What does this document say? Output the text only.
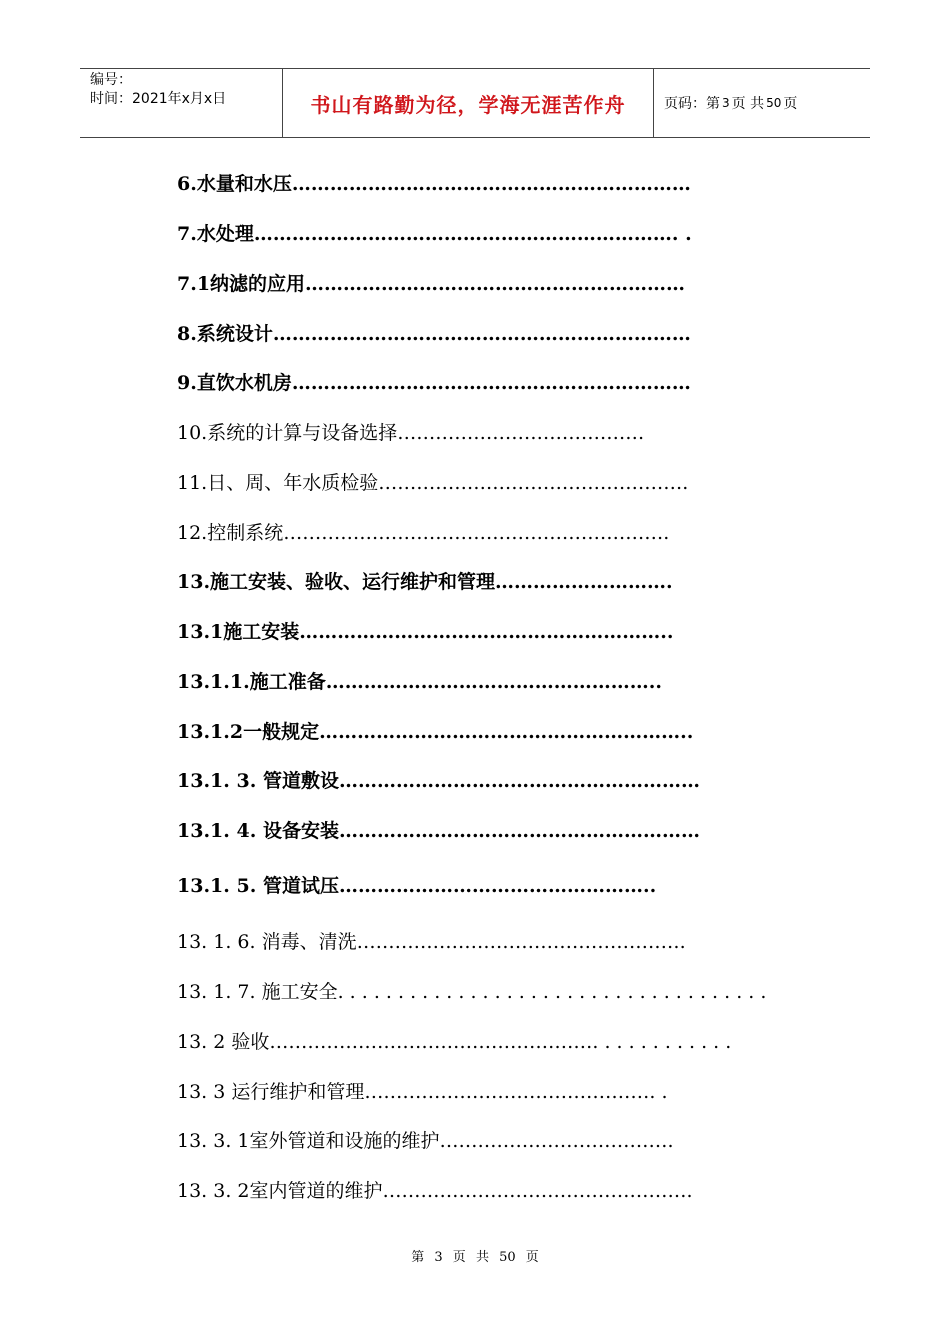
编号：
时间：2021年x月x日	书山有路勤为径，学海无涯苦作舟	页码：第 3 页 共 50 页
6.水量和水压………………………………………………………
7.水处理…………………………………………………………. .
7.1纳滤的应用……………………………………………………
8.系统设计…………………………………………………………
9.直饮水机房………………………………………………………
10.系统的计算与设备选择…………………………………
11.日、周、年水质检验………………………………………….
12.控制系统…………………………………………………….
13.施工安装、验收、运行维护和管理……………………….
13.1施工安装…………………………………………………..
13.1.1.施工准备……………………………………………..
13.1.2一般规定…………………………………………………..
13.1. 3. 管道敷设…………………………………………………
13.1. 4. 设备安装…………………………………………………
13.1. 5. 管道试压…………………………………………..
13. 1. 6. 消毒、清洗…………………………………………….
13. 1. 7. 施工安全. . . . . . . . . . . . . . . . . . . . . . . . . . . . . . . . . . . .
13. 2 验收……………………………………………. . . . . . . . . . . .
13. 3 运行维护和管理………………………………………. .
13. 3. 1室外管道和设施的维护……………………………….
13. 3. 2室内管道的维护………………………………………….
第 3 页 共 50 页
